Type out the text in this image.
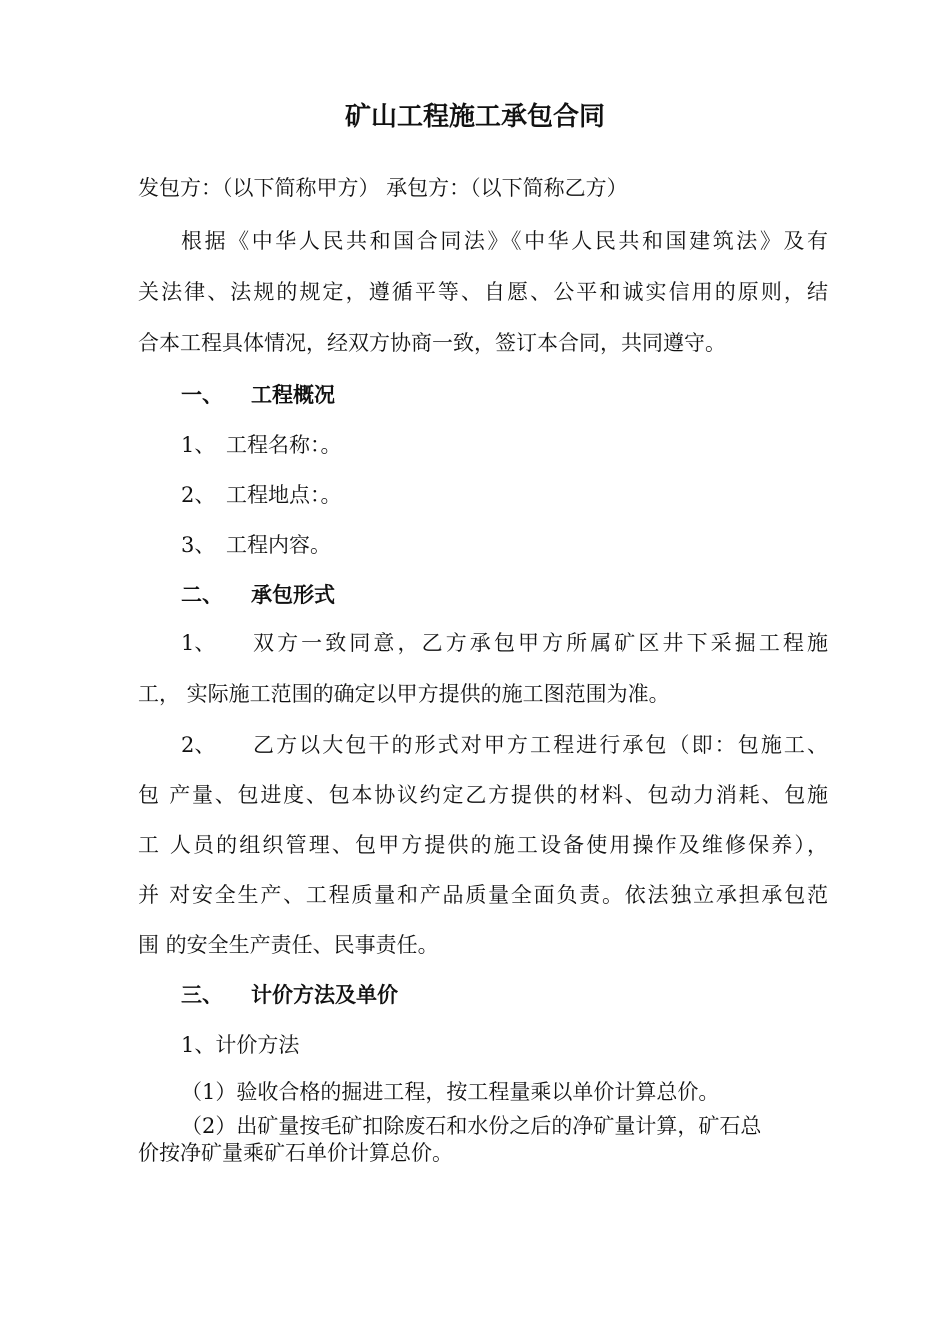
矿山工程施工承包合同
发包方：（以下简称甲方） 承包方：（以下简称乙方）
根据《中华人民共和国合同法》《中华人民共和国建筑法》及有
关法律、法规的规定，遵循平等、自愿、公平和诚实信用的原则，结
合本工程具体情况，经双方协商一致，签订本合同，共同遵守。
一、 工程概况
1、 工程名称：。
2、 工程地点：。
3、 工程内容。
二、 承包形式
1、 双方一致同意，乙方承包甲方所属矿区井下采掘工程施
工， 实际施工范围的确定以甲方提供的施工图范围为准。
2、 乙方以大包干的形式对甲方工程进行承包（即：包施工、
包 产量、包进度、包本协议约定乙方提供的材料、包动力消耗、包施
工 人员的组织管理、包甲方提供的施工设备使用操作及维修保养），
并 对安全生产、工程质量和产品质量全面负责。依法独立承担承包范
围 的安全生产责任、民事责任。
三、 计价方法及单价
1、计价方法
（1）验收合格的掘进工程，按工程量乘以单价计算总价。
（2）出矿量按毛矿扣除废石和水份之后的净矿量计算，矿石总
价按净矿量乘矿石单价计算总价。
